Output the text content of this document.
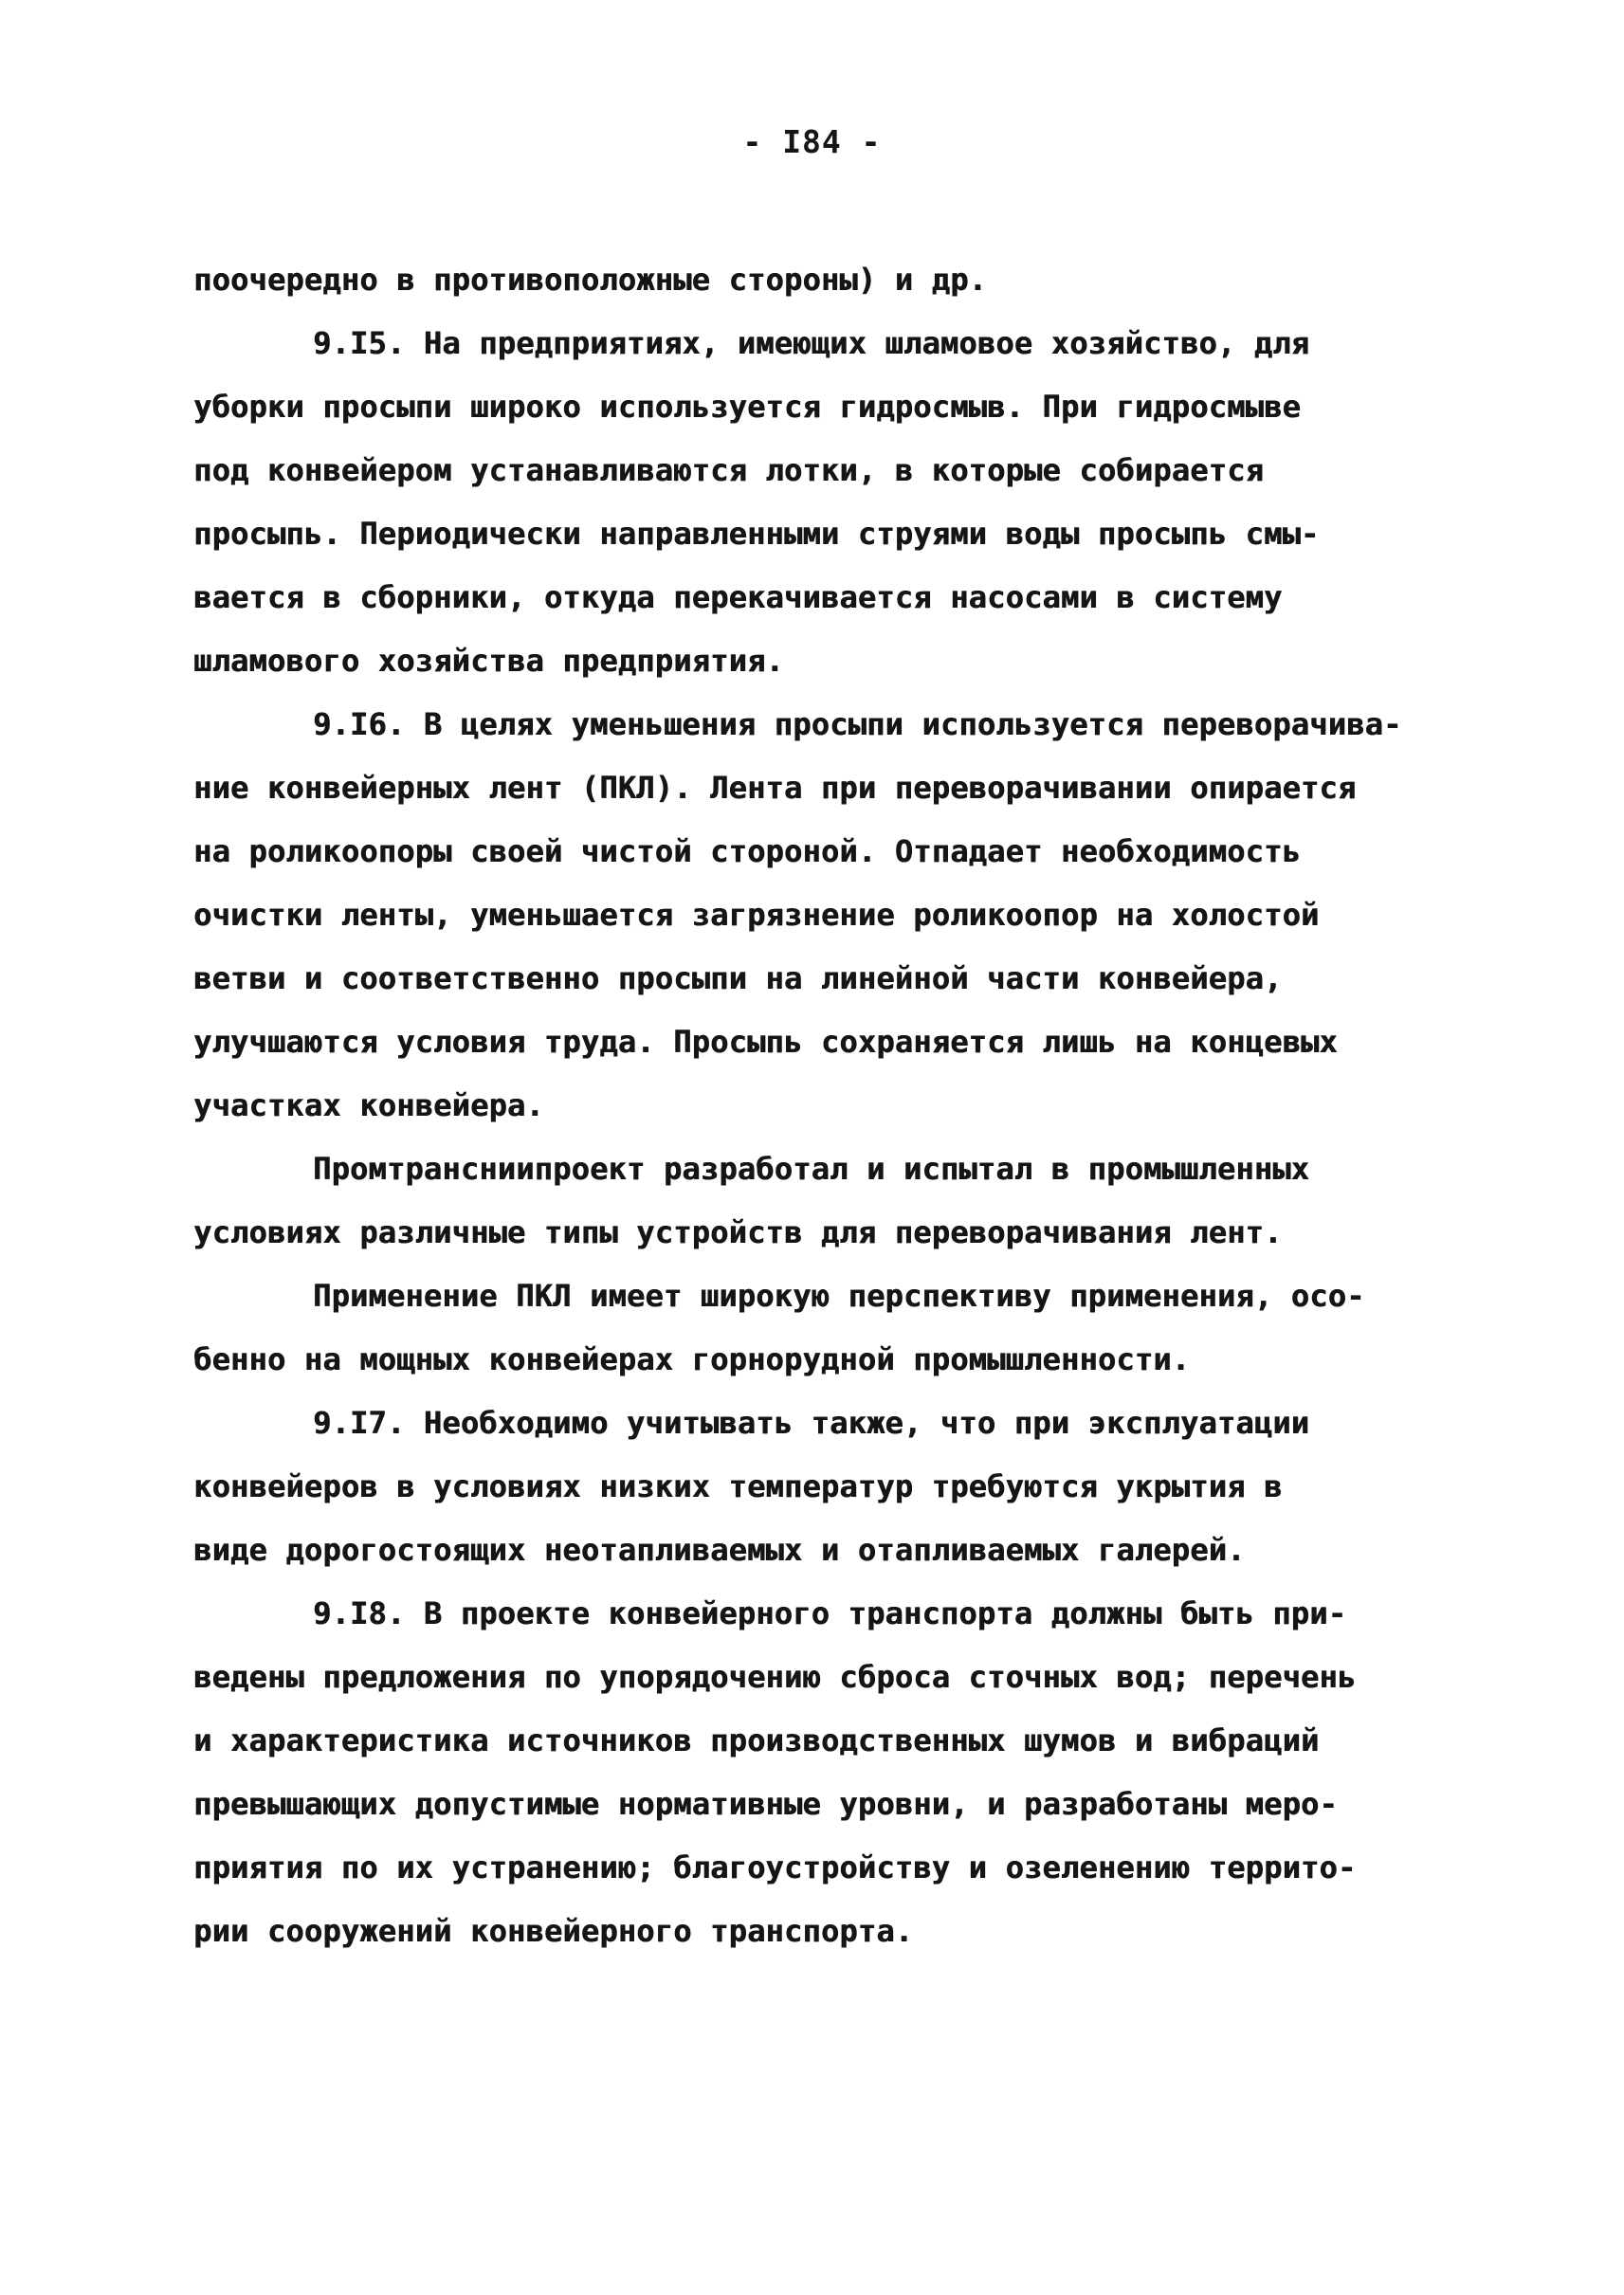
- I84 -
поочередно в противоположные стороны) и др.
9.I5. На предприятиях, имеющих шламовое хозяйство, для
уборки просыпи широко используется гидросмыв. При гидросмыве
под конвейером устанавливаются лотки, в которые собирается
просыпь. Периодически направленными струями воды просыпь смы-
вается в сборники, откуда перекачивается насосами в систему
шламового хозяйства предприятия.
9.I6. В целях уменьшения просыпи используется переворачива-
ние конвейерных лент (ПКЛ). Лента при переворачивании опирается
на роликоопоры своей чистой стороной. Отпадает необходимость
очистки ленты, уменьшается загрязнение роликоопор на холостой
ветви и соответственно просыпи на линейной части конвейера,
улучшаются условия труда. Просыпь сохраняется лишь на концевых
участках конвейера.
Промтрансниипроект разработал и испытал в промышленных
условиях различные типы устройств для переворачивания лент.
Применение ПКЛ имеет широкую перспективу применения, осо-
бенно на мощных конвейерах горнорудной промышленности.
9.I7. Необходимо учитывать также, что при эксплуатации
конвейеров в условиях низких температур требуются укрытия в
виде дорогостоящих неотапливаемых и отапливаемых галерей.
9.I8. В проекте конвейерного транспорта должны быть при-
ведены предложения по упорядочению сброса сточных вод; перечень
и характеристика источников производственных шумов и вибраций
превышающих допустимые нормативные уровни, и разработаны меро-
приятия по их устранению; благоустройству и озеленению террито-
рии сооружений конвейерного транспорта.
